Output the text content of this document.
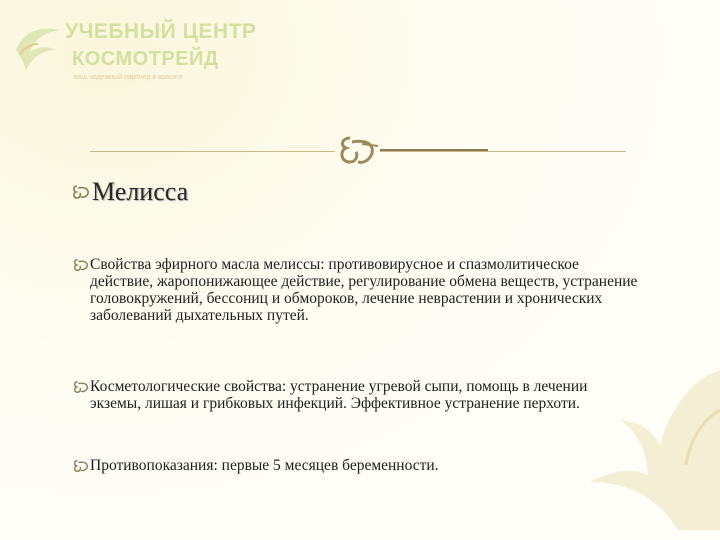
УЧЕБНЫЙ ЦЕНТР
КОСМОТРЕЙД
ваш надежный партнер в красоте
Мелисса
Свойства эфирного масла мелиссы: противовирусное и спазмолитическое действие, жаропонижающее действие, регулирование обмена веществ, устранение головокружений, бессониц и обмороков, лечение неврастении и хронических заболеваний дыхательных путей.
Косметологические свойства: устранение угревой сыпи, помощь в лечении экземы, лишая и грибковых инфекций. Эффективное устранение перхоти.
Противопоказания: первые 5 месяцев беременности.
